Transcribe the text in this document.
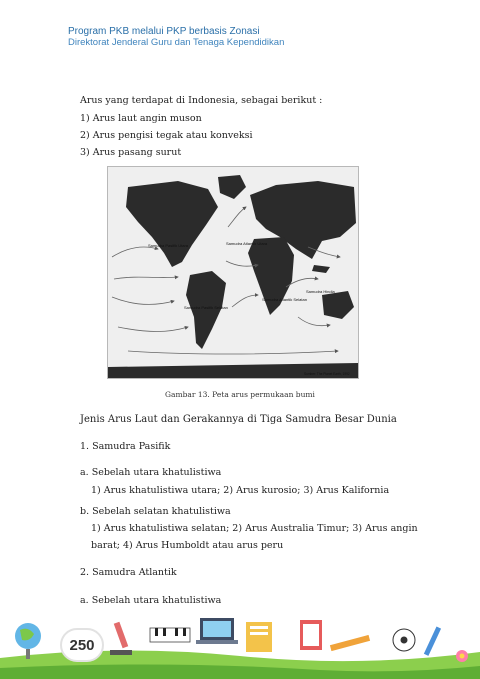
Program PKB melalui PKP berbasis Zonasi
Direktorat Jenderal Guru dan Tenaga Kependidikan
Arus yang terdapat di Indonesia, sebagai berikut :
1) Arus laut angin muson
2) Arus pengisi tegak atau konveksi
3) Arus pasang surut
Samudra Pasifik Utara	Samudra Atlantik Utara
Samudra Atlantik Selatan
Samudra Pasifik Selatan
Samudra Hindia
Sumber: The Planet Earth, 1992
Gambar 13. Peta arus permukaan bumi
Jenis Arus Laut dan Gerakannya di Tiga Samudra Besar Dunia
1. Samudra Pasifik
a. Sebelah utara khatulistiwa
1) Arus khatulistiwa utara; 2) Arus kurosio; 3) Arus Kalifornia
b. Sebelah selatan khatulistiwa
1) Arus khatulistiwa selatan; 2) Arus Australia Timur; 3) Arus angin
barat; 4) Arus Humboldt atau arus peru
2. Samudra Atlantik
a. Sebelah utara khatulistiwa
250
